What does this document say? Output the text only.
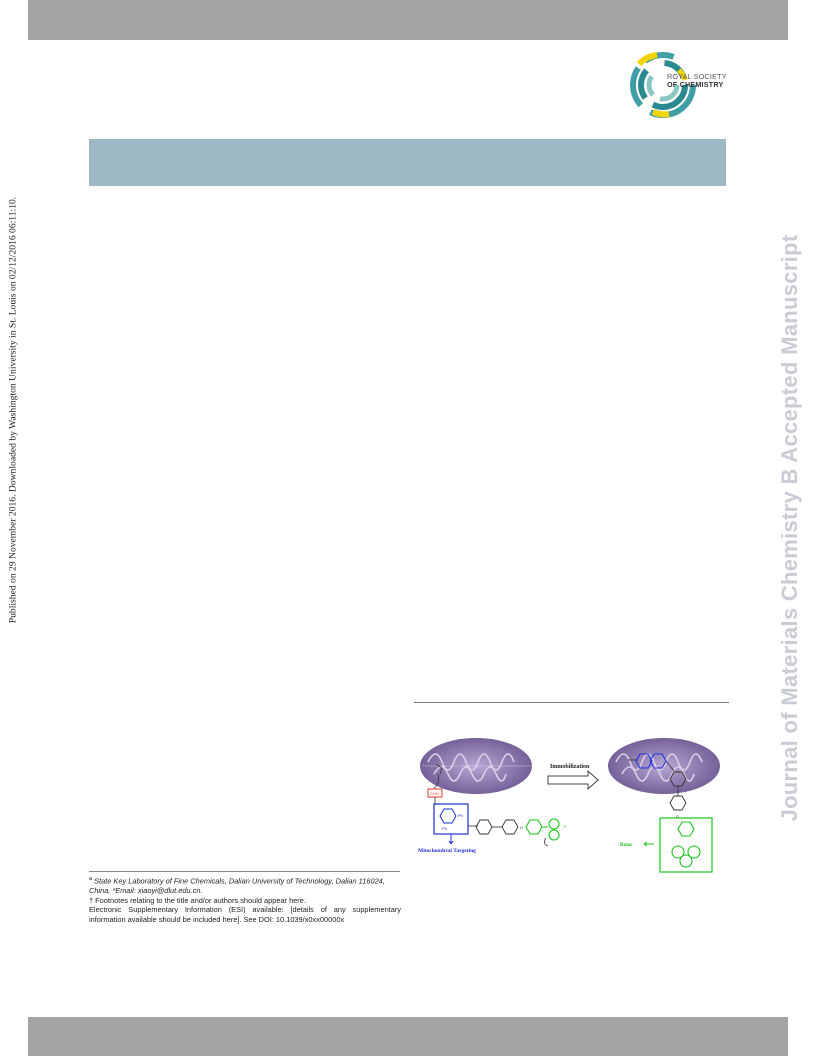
ROYAL SOCIETY
OF CHEMISTRY
Published on 29 November 2016. Downloaded by Washington University in St. Louis on 02/12/2016 06:11:10.	Journal of Materials Chemistry B Accepted Manuscript
Immobilization
CHO
Ph
Ph
Mitochondrial Targeting
O	F
O
Rotor

$^a$ State Key Laboratory of Fine Chemicals, Dalian University of Technology, Dalian 116024, China, *Email: xiaoyi@dlut.edu.cn.

† Footnotes relating to the title and/or authors should appear here.

Electronic Supplementary Information (ESI) available: [details of any supplementary information available should be included here]. See DOI: 10.1039/x0xx00000x
